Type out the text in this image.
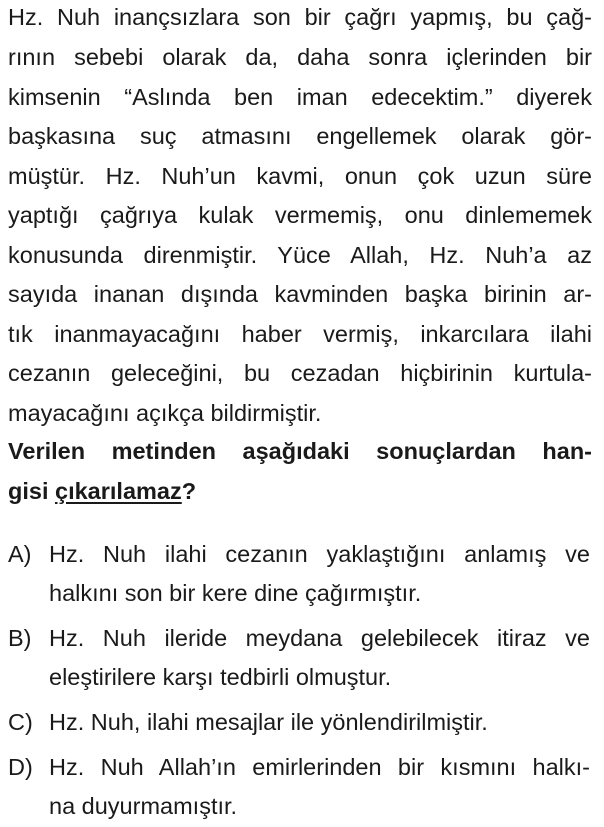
Hz. Nuh inançsızlara son bir çağrı yapmış, bu çağ-
rının sebebi olarak da, daha sonra içlerinden bir
kimsenin “Aslında ben iman edecektim.” diyerek
başkasına suç atmasını engellemek olarak gör-
müştür. Hz. Nuh’un kavmi, onun çok uzun süre
yaptığı çağrıya kulak vermemiş, onu dinlememek
konusunda direnmiştir. Yüce Allah, Hz. Nuh’a az
sayıda inanan dışında kavminden başka birinin ar-
tık inanmayacağını haber vermiş, inkarcılara ilahi
cezanın geleceğini, bu cezadan hiçbirinin kurtula-
mayacağını açıkça bildirmiştir.
Verilen metinden aşağıdaki sonuçlardan han-
gisi çıkarılamaz?
A) Hz. Nuh ilahi cezanın yaklaştığını anlamış ve
halkını son bir kere dine çağırmıştır.
B) Hz. Nuh ileride meydana gelebilecek itiraz ve
eleştirilere karşı tedbirli olmuştur.
C) Hz. Nuh, ilahi mesajlar ile yönlendirilmiştir.
D) Hz. Nuh Allah’ın emirlerinden bir kısmını halkı-
na duyurmamıştır.
